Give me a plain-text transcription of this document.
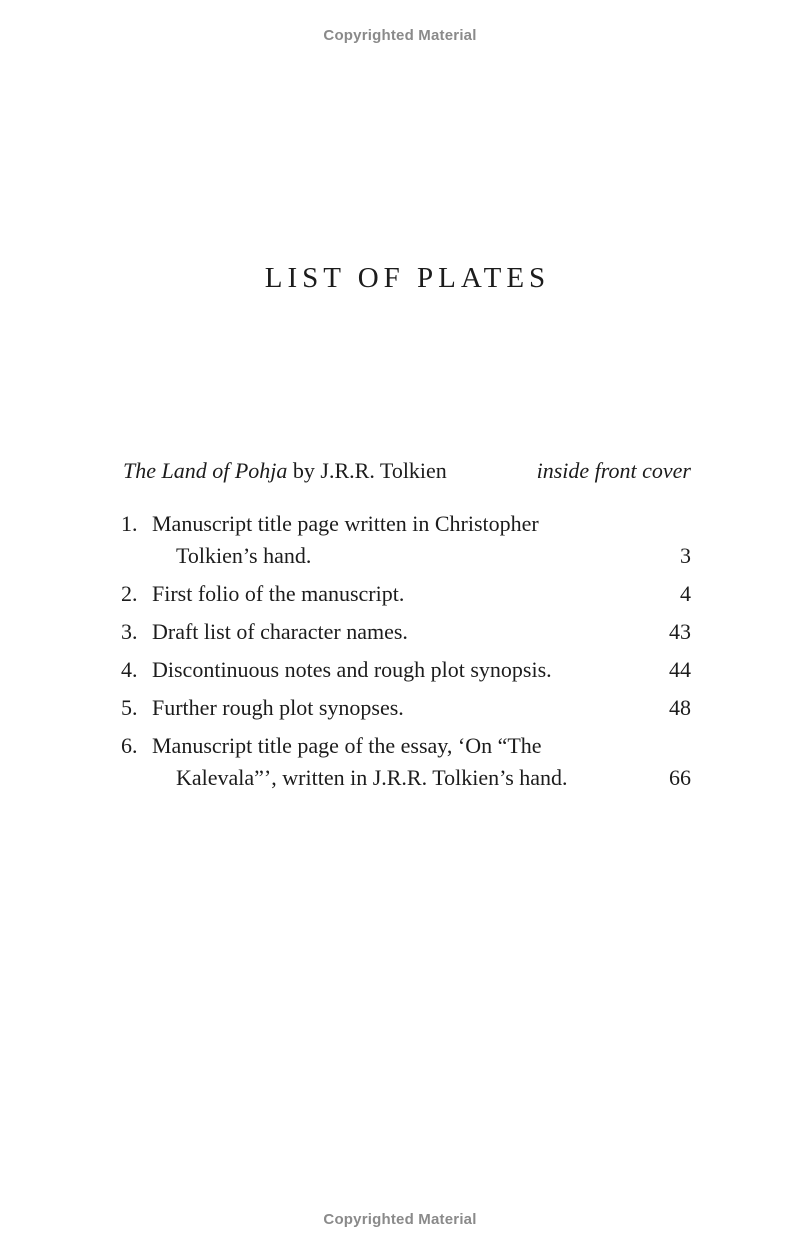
Copyrighted Material
LIST OF PLATES
The Land of Pohja by J.R.R. Tolkien	inside front cover
1. Manuscript title page written in Christopher
Tolkien’s hand.	3
2. First folio of the manuscript.	4
3. Draft list of character names.	43
4. Discontinuous notes and rough plot synopsis.	44
5. Further rough plot synopses.	48
6. Manuscript title page of the essay, ‘On “The
Kalevala”’, written in J.R.R. Tolkien’s hand.	66
Copyrighted Material
